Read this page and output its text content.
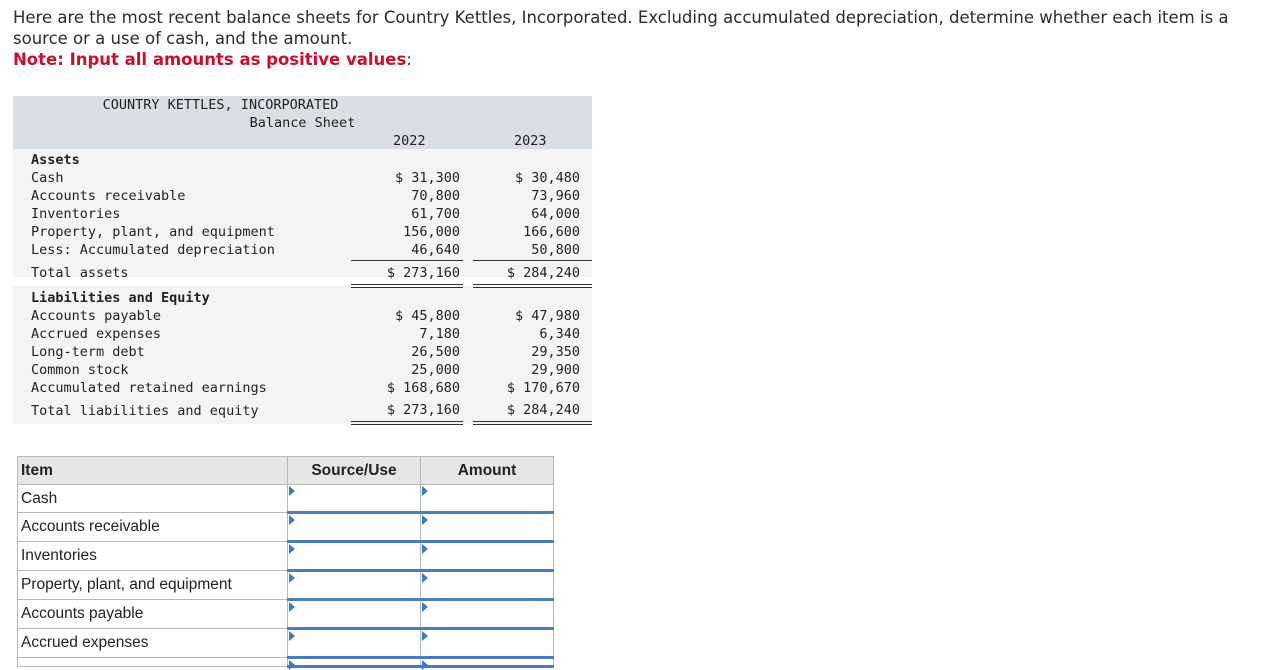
Here are the most recent balance sheets for Country Kettles, Incorporated. Excluding accumulated depreciation, determine whether each item is a source or a use of cash, and the amount.
Note: Input all amounts as positive values:
COUNTRY KETTLES, INCORPORATED
Balance Sheet
2022	2023
Assets
Cash	$ 31,300	$ 30,480
Accounts receivable	70,800	73,960
Inventories	61,700	64,000
Property, plant, and equipment	156,000	166,600
Less: Accumulated depreciation	46,640	50,800
Total assets	$ 273,160	$ 284,240
Liabilities and Equity
Accounts payable	$ 45,800	$ 47,980
Accrued expenses	7,180	6,340
Long-term debt	26,500	29,350
Common stock	25,000	29,900
Accumulated retained earnings	$ 168,680	$ 170,670
Total liabilities and equity	$ 273,160	$ 284,240
Item	Source/Use	Amount
Cash		
Accounts receivable		
Inventories		
Property, plant, and equipment		
Accounts payable		
Accrued expenses		
